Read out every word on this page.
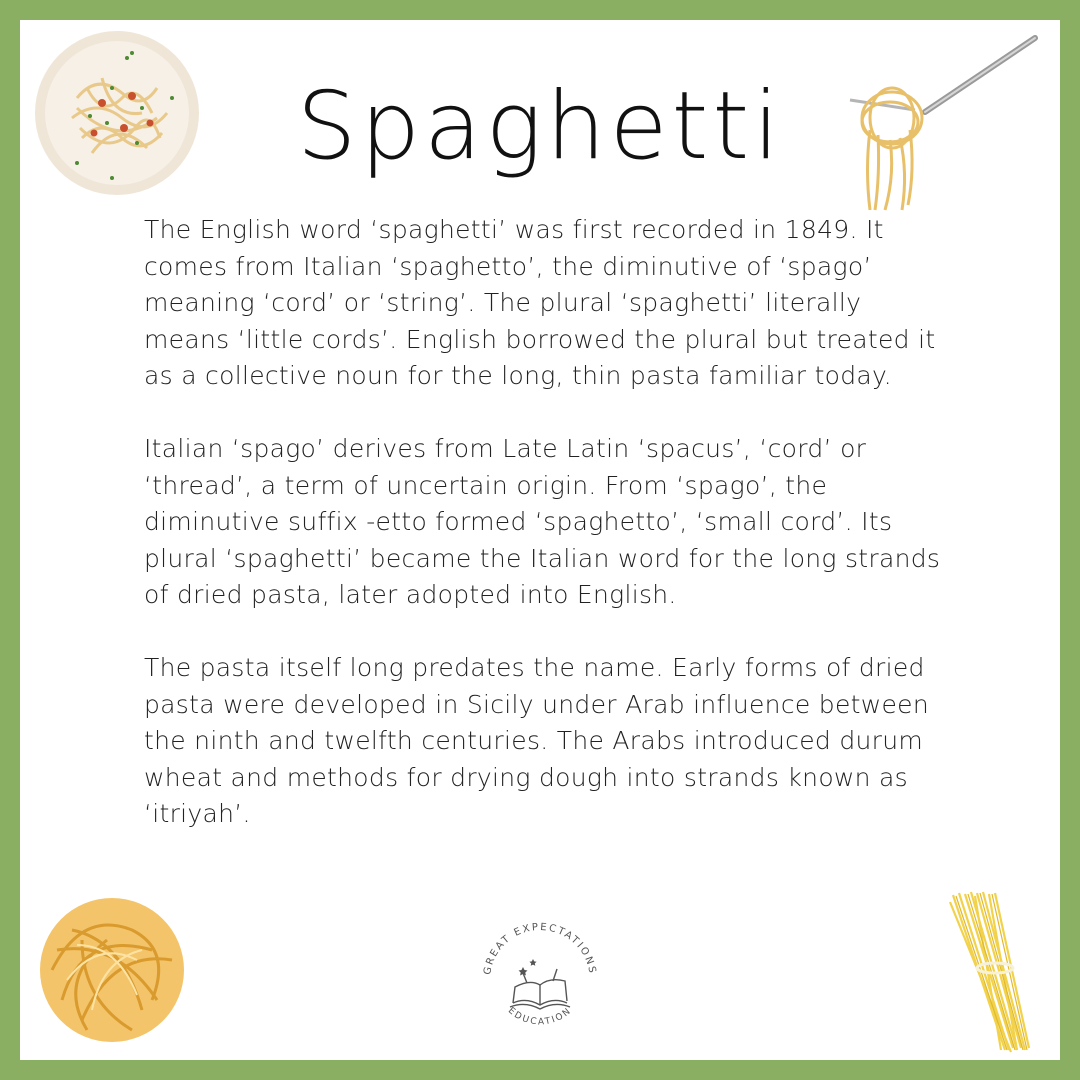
Spaghetti

The English word ‘spaghetti’ was first recorded in 1849. It comes from Italian ‘spaghetto’, the diminutive of ‘spago’ meaning ‘cord’ or ‘string’. The plural ‘spaghetti’ literally means ‘little cords’. English borrowed the plural but treated it as a collective noun for the long, thin pasta familiar today.

Italian ‘spago’ derives from Late Latin ‘spacus’, ‘cord’ or ‘thread’, a term of uncertain origin. From ‘spago’, the diminutive suffix -etto formed ‘spaghetto’, ‘small cord’. Its plural ‘spaghetti’ became the Italian word for the long strands of dried pasta, later adopted into English.

The pasta itself long predates the name. Early forms of dried pasta were developed in Sicily under Arab influence between the ninth and twelfth centuries. The Arabs introduced durum wheat and methods for drying dough into strands known as ‘itriyah’.

GREAT EXPECTATIONS
EDUCATION
